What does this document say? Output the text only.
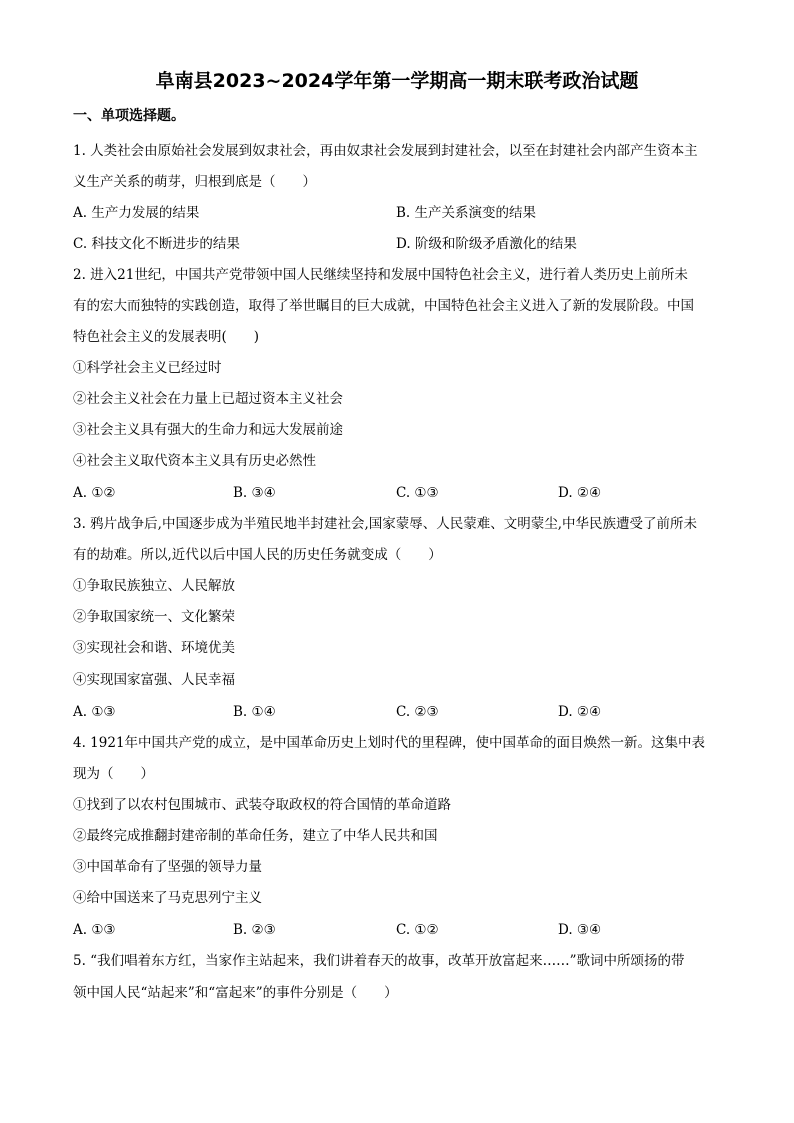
阜南县2023~2024学年第一学期高一期末联考政治试题
一、单项选择题。
1. 人类社会由原始社会发展到奴隶社会，再由奴隶社会发展到封建社会，以至在封建社会内部产生资本主
义生产关系的萌芽，归根到底是（　　）
A. 生产力发展的结果	B. 生产关系演变的结果
C. 科技文化不断进步的结果	D. 阶级和阶级矛盾激化的结果
2. 进入21世纪，中国共产党带领中国人民继续坚持和发展中国特色社会主义，进行着人类历史上前所未
有的宏大而独特的实践创造，取得了举世瞩目的巨大成就，中国特色社会主义进入了新的发展阶段。中国
特色社会主义的发展表明(　　)
①科学社会主义已经过时
②社会主义社会在力量上已超过资本主义社会
③社会主义具有强大的生命力和远大发展前途
④社会主义取代资本主义具有历史必然性
A. ①②	B. ③④	C. ①③	D. ②④
3. 鸦片战争后,中国逐步成为半殖民地半封建社会,国家蒙辱、人民蒙难、文明蒙尘,中华民族遭受了前所未
有的劫难。所以,近代以后中国人民的历史任务就变成（　　）
①争取民族独立、人民解放
②争取国家统一、文化繁荣
③实现社会和谐、环境优美
④实现国家富强、人民幸福
A. ①③	B. ①④	C. ②③	D. ②④
4. 1921年中国共产党的成立，是中国革命历史上划时代的里程碑，使中国革命的面目焕然一新。这集中表
现为（　　）
①找到了以农村包围城市、武装夺取政权的符合国情的革命道路
②最终完成推翻封建帝制的革命任务，建立了中华人民共和国
③中国革命有了坚强的领导力量
④给中国送来了马克思列宁主义
A. ①③	B. ②③	C. ①②	D. ③④
5. “我们唱着东方红，当家作主站起来，我们讲着春天的故事，改革开放富起来……”歌词中所颂扬的带
领中国人民“站起来”和“富起来”的事件分别是（　　）
